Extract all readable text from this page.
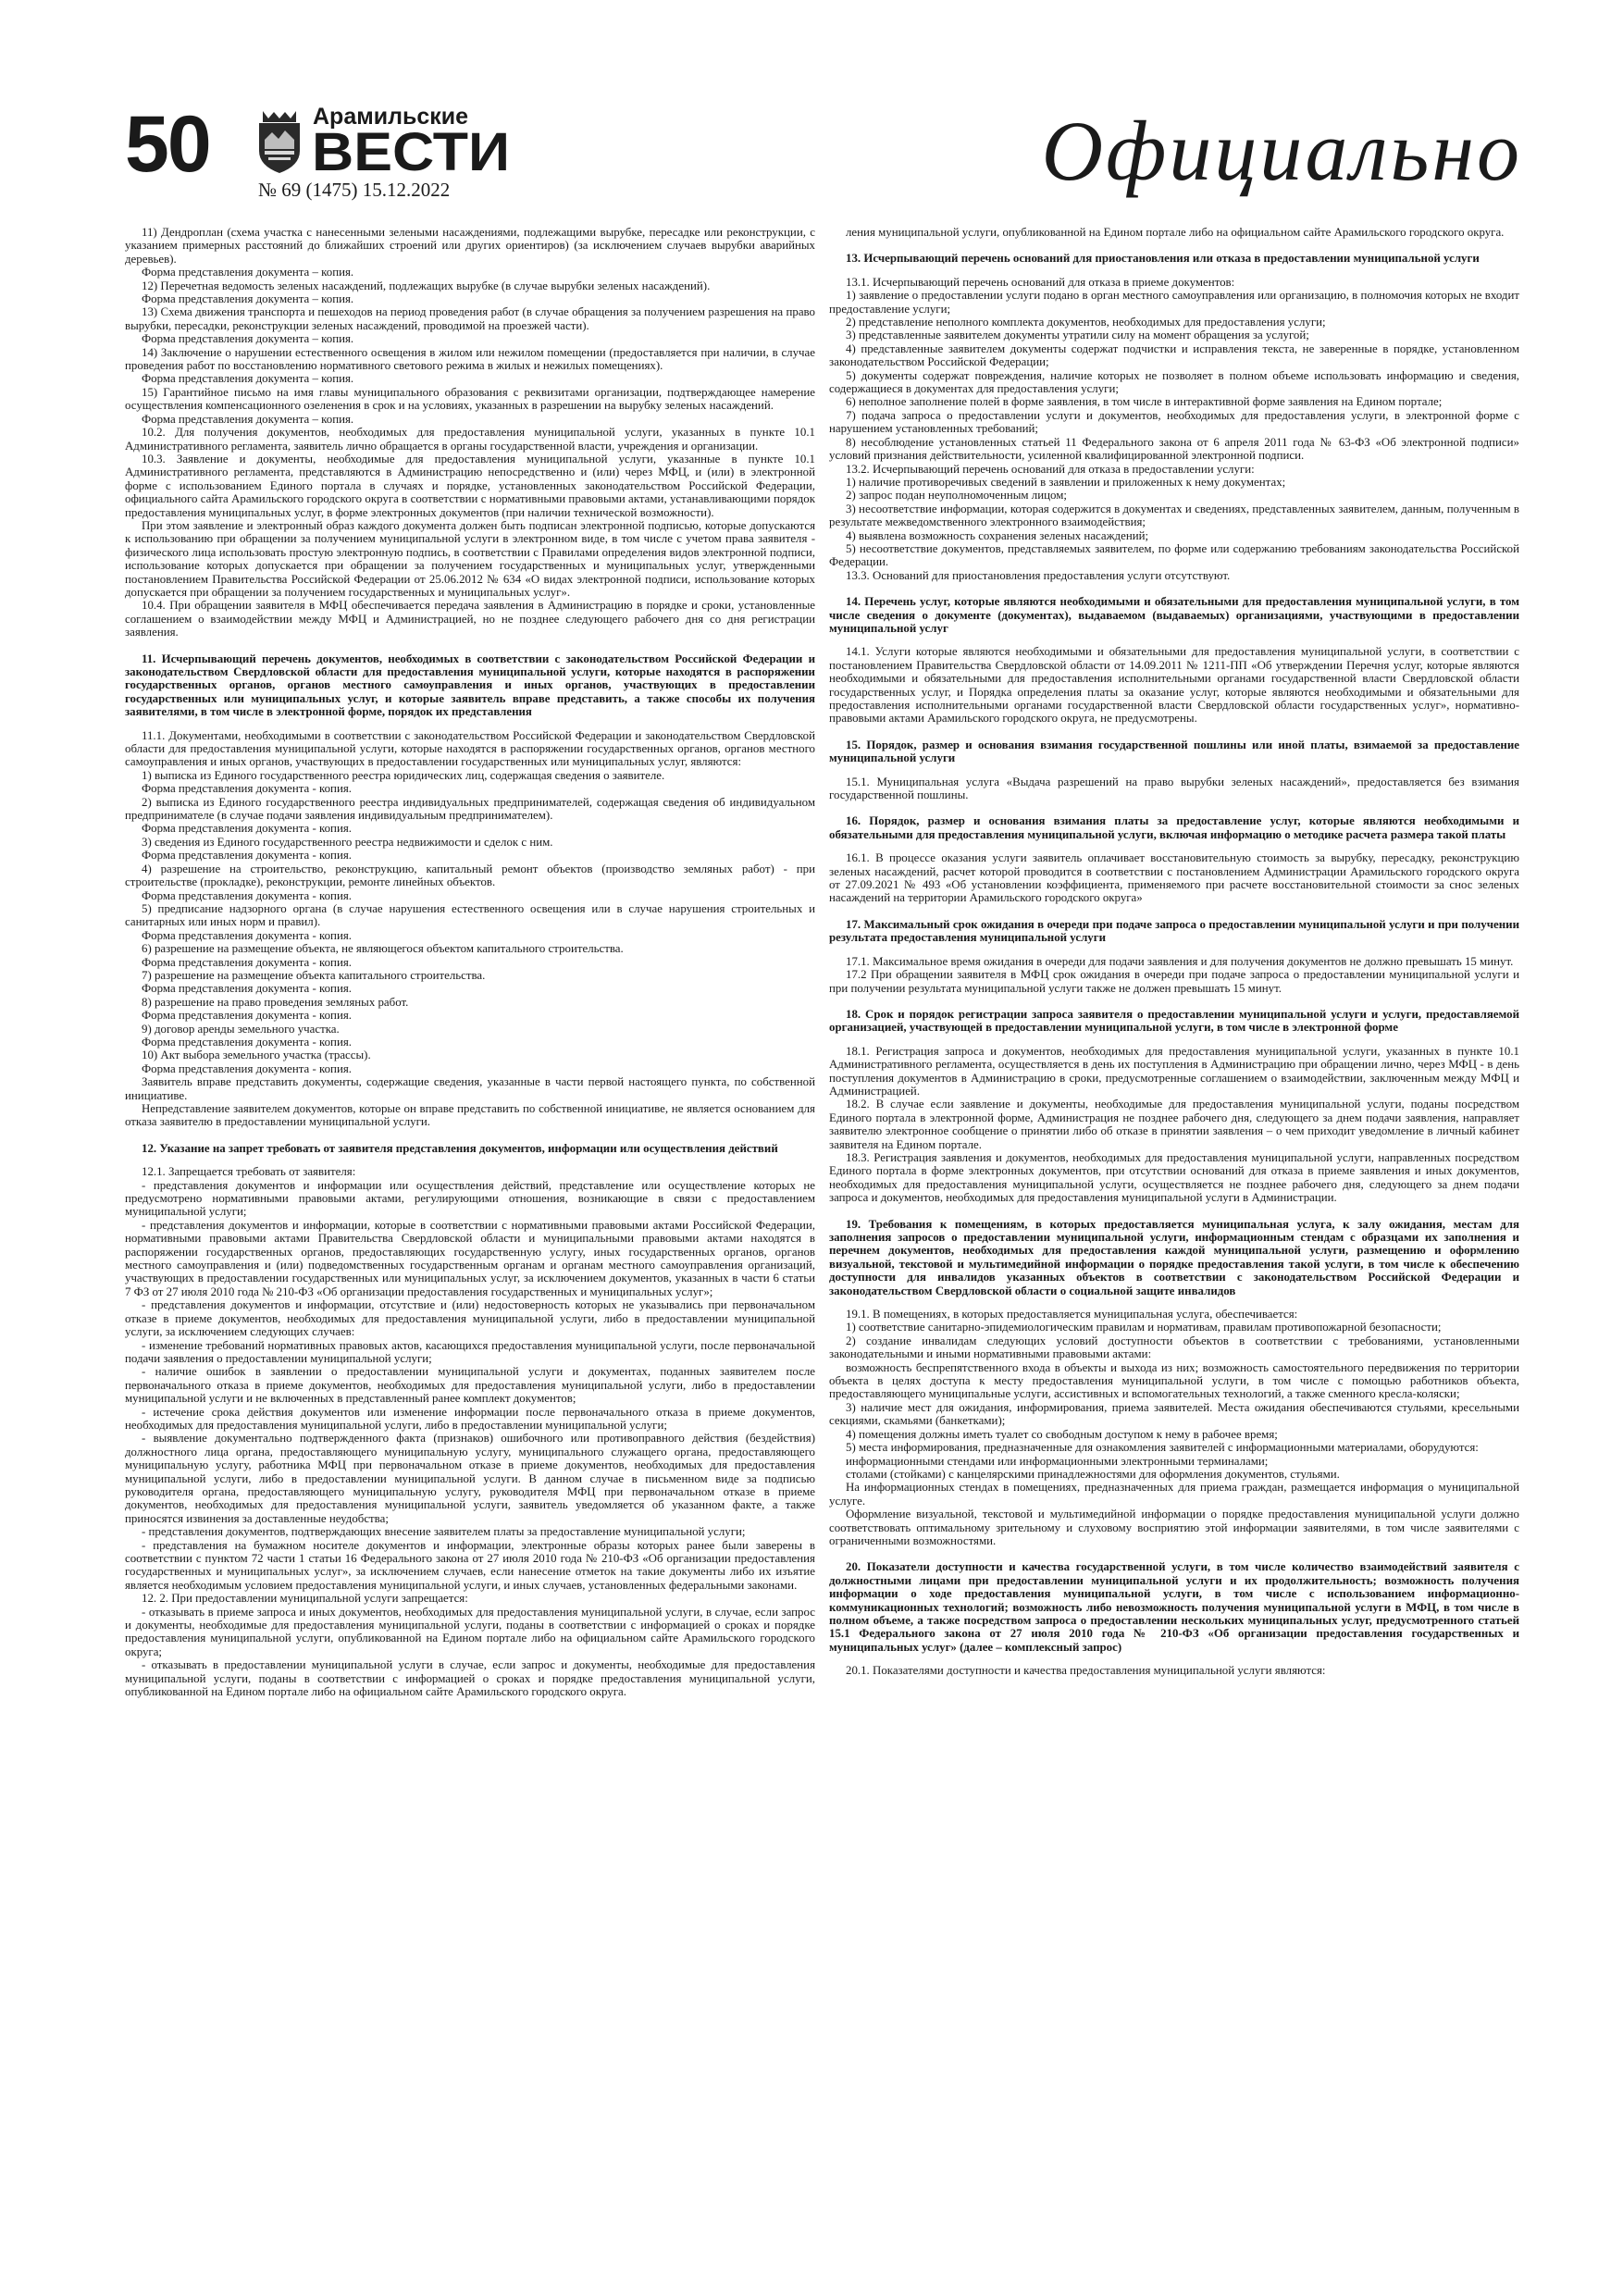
50	Арамильские
ВЕСТИ
№ 69 (1475) 15.12.2022	Официально

11) Дендроплан (схема участка с нанесенными зелеными насаждениями, подлежащими вырубке, пересадке или реконструкции, с указанием примерных расстояний до ближайших строений или других ориентиров) (за исключением случаев вырубки аварийных деревьев).

Форма представления документа – копия.

12) Перечетная ведомость зеленых насаждений, подлежащих вырубке (в случае вырубки зеленых насаждений).

Форма представления документа – копия.

13) Схема движения транспорта и пешеходов на период проведения работ (в случае обращения за получением разрешения на право вырубки, пересадки, реконструкции зеленых насаждений, проводимой на проезжей части).

Форма представления документа – копия.

14) Заключение о нарушении естественного освещения в жилом или нежилом помещении (предоставляется при наличии, в случае проведения работ по восстановлению нормативного светового режима в жилых и нежилых помещениях).

Форма представления документа – копия.

15) Гарантийное письмо на имя главы муниципального образования с реквизитами организации, подтверждающее намерение осуществления компенсационного озеленения в срок и на условиях, указанных в разрешении на вырубку зеленых насаждений.

Форма представления документа – копия.

10.2. Для получения документов, необходимых для предоставления муниципальной услуги, указанных в пункте 10.1 Административного регламента, заявитель лично обращается в органы государственной власти, учреждения и организации.

10.3. Заявление и документы, необходимые для предоставления муниципальной услуги, указанные в пункте 10.1 Административного регламента, представляются в Администрацию непосредственно и (или) через МФЦ, и (или) в электронной форме с использованием Единого портала в случаях и порядке, установленных законодательством Российской Федерации, официального сайта Арамильского городского округа в соответствии с нормативными правовыми актами, устанавливающими порядок предоставления муниципальных услуг, в форме электронных документов (при наличии технической возможности).

При этом заявление и электронный образ каждого документа должен быть подписан электронной подписью, которые допускаются к использованию при обращении за получением муниципальной услуги в электронном виде, в том числе с учетом права заявителя - физического лица использовать простую электронную подпись, в соответствии с Правилами определения видов электронной подписи, использование которых допускается при обращении за получением государственных и муниципальных услуг, утвержденными постановлением Правительства Российской Федерации от 25.06.2012 № 634 «О видах электронной подписи, использование которых допускается при обращении за получением государственных и муниципальных услуг».

10.4. При обращении заявителя в МФЦ обеспечивается передача заявления в Администрацию в порядке и сроки, установленные соглашением о взаимодействии между МФЦ и Администрацией, но не позднее следующего рабочего дня со дня регистрации заявления.

11. Исчерпывающий перечень документов, необходимых в соответствии с законодательством Российской Федерации и законодательством Свердловской области для предоставления муниципальной услуги, которые находятся в распоряжении государственных органов, органов местного самоуправления и иных органов, участвующих в предоставлении государственных или муниципальных услуг, и которые заявитель вправе представить, а также способы их получения заявителями, в том числе в электронной форме, порядок их представления

11.1. Документами, необходимыми в соответствии с законодательством Российской Федерации и законодательством Свердловской области для предоставления муниципальной услуги, которые находятся в распоряжении государственных органов, органов местного самоуправления и иных органов, участвующих в предоставлении государственных или муниципальных услуг, являются:

1) выписка из Единого государственного реестра юридических лиц, содержащая сведения о заявителе.

Форма представления документа - копия.

2) выписка из Единого государственного реестра индивидуальных предпринимателей, содержащая сведения об индивидуальном предпринимателе (в случае подачи заявления индивидуальным предпринимателем).

Форма представления документа - копия.

3) сведения из Единого государственного реестра недвижимости и сделок с ним.

Форма представления документа - копия.

4) разрешение на строительство, реконструкцию, капитальный ремонт объектов (производство земляных работ) - при строительстве (прокладке), реконструкции, ремонте линейных объектов.

Форма представления документа - копия.

5) предписание надзорного органа (в случае нарушения естественного освещения или в случае нарушения строительных и санитарных или иных норм и правил).

Форма представления документа - копия.

6) разрешение на размещение объекта, не являющегося объектом капитального строительства.

Форма представления документа - копия.

7) разрешение на размещение объекта капитального строительства.

Форма представления документа - копия.

8) разрешение на право проведения земляных работ.

Форма представления документа - копия.

9) договор аренды земельного участка.

Форма представления документа - копия.

10) Акт выбора земельного участка (трассы).

Форма представления документа - копия.

Заявитель вправе представить документы, содержащие сведения, указанные в части первой настоящего пункта, по собственной инициативе.

Непредставление заявителем документов, которые он вправе представить по собственной инициативе, не является основанием для отказа заявителю в предоставлении муниципальной услуги.

12. Указание на запрет требовать от заявителя представления документов, информации или осуществления действий

12.1. Запрещается требовать от заявителя:

- представления документов и информации или осуществления действий, представление или осуществление которых не предусмотрено нормативными правовыми актами, регулирующими отношения, возникающие в связи с предоставлением муниципальной услуги;

- представления документов и информации, которые в соответствии с нормативными правовыми актами Российской Федерации, нормативными правовыми актами Правительства Свердловской области и муниципальными правовыми актами находятся в распоряжении государственных органов, предоставляющих государственную услугу, иных государственных органов, органов местного самоуправления и (или) подведомственных государственным органам и органам местного самоуправления организаций, участвующих в предоставлении государственных или муниципальных услуг, за исключением документов, указанных в части 6 статьи 7 ФЗ от 27 июля 2010 года № 210-ФЗ «Об организации предоставления государственных и муниципальных услуг»;

- представления документов и информации, отсутствие и (или) недостоверность которых не указывались при первоначальном отказе в приеме документов, необходимых для предоставления муниципальной услуги, либо в предоставлении муниципальной услуги, за исключением следующих случаев:

- изменение требований нормативных правовых актов, касающихся предоставления муниципальной услуги, после первоначальной подачи заявления о предоставлении муниципальной услуги;

- наличие ошибок в заявлении о предоставлении муниципальной услуги и документах, поданных заявителем после первоначального отказа в приеме документов, необходимых для предоставления муниципальной услуги, либо в предоставлении муниципальной услуги и не включенных в представленный ранее комплект документов;

- истечение срока действия документов или изменение информации после первоначального отказа в приеме документов, необходимых для предоставления муниципальной услуги, либо в предоставлении муниципальной услуги;

- выявление документально подтвержденного факта (признаков) ошибочного или противоправного действия (бездействия) должностного лица органа, предоставляющего муниципальную услугу, муниципального служащего органа, предоставляющего муниципальную услугу, работника МФЦ при первоначальном отказе в приеме документов, необходимых для предоставления муниципальной услуги, либо в предоставлении муниципальной услуги. В данном случае в письменном виде за подписью руководителя органа, предоставляющего муниципальную услугу, руководителя МФЦ при первоначальном отказе в приеме документов, необходимых для предоставления муниципальной услуги, заявитель уведомляется об указанном факте, а также приносятся извинения за доставленные неудобства;

- представления документов, подтверждающих внесение заявителем платы за предоставление муниципальной услуги;

- представления на бумажном носителе документов и информации, электронные образы которых ранее были заверены в соответствии с пунктом 72 части 1 статьи 16 Федерального закона от 27 июля 2010 года № 210-ФЗ «Об организации предоставления государственных и муниципальных услуг», за исключением случаев, если нанесение отметок на такие документы либо их изъятие является необходимым условием предоставления муниципальной услуги, и иных случаев, установленных федеральными законами.

12. 2. При предоставлении муниципальной услуги запрещается:

- отказывать в приеме запроса и иных документов, необходимых для предоставления муниципальной услуги, в случае, если запрос и документы, необходимые для предоставления муниципальной услуги, поданы в соответствии с информацией о сроках и порядке предоставления муниципальной услуги, опубликованной на Едином портале либо на официальном сайте Арамильского городского округа;

- отказывать в предоставлении муниципальной услуги в случае, если запрос и документы, необходимые для предоставления муниципальной услуги, поданы в соответствии с информацией о сроках и порядке предоставления муниципальной услуги, опубликованной на Едином портале либо на официальном сайте Арамильского городского округа.

ления муниципальной услуги, опубликованной на Едином портале либо на официальном сайте Арамильского городского округа.

13. Исчерпывающий перечень оснований для приостановления или отказа в предоставлении муниципальной услуги

13.1. Исчерпывающий перечень оснований для отказа в приеме документов:

1) заявление о предоставлении услуги подано в орган местного самоуправления или организацию, в полномочия которых не входит предоставление услуги;

2) представление неполного комплекта документов, необходимых для предоставления услуги;

3) представленные заявителем документы утратили силу на момент обращения за услугой;

4) представленные заявителем документы содержат подчистки и исправления текста, не заверенные в порядке, установленном законодательством Российской Федерации;

5) документы содержат повреждения, наличие которых не позволяет в полном объеме использовать информацию и сведения, содержащиеся в документах для предоставления услуги;

6) неполное заполнение полей в форме заявления, в том числе в интерактивной форме заявления на Едином портале;

7) подача запроса о предоставлении услуги и документов, необходимых для предоставления услуги, в электронной форме с нарушением установленных требований;

8) несоблюдение установленных статьей 11 Федерального закона от 6 апреля 2011 года № 63-ФЗ «Об электронной подписи» условий признания действительности, усиленной квалифицированной электронной подписи.

13.2. Исчерпывающий перечень оснований для отказа в предоставлении услуги:

1) наличие противоречивых сведений в заявлении и приложенных к нему документах;

2) запрос подан неуполномоченным лицом;

3) несоответствие информации, которая содержится в документах и сведениях, представленных заявителем, данным, полученным в результате межведомственного электронного взаимодействия;

4) выявлена возможность сохранения зеленых насаждений;

5) несоответствие документов, представляемых заявителем, по форме или содержанию требованиям законодательства Российской Федерации.

13.3. Оснований для приостановления предоставления услуги отсутствуют.

14. Перечень услуг, которые являются необходимыми и обязательными для предоставления муниципальной услуги, в том числе сведения о документе (документах), выдаваемом (выдаваемых) организациями, участвующими в предоставлении муниципальной услуг

14.1. Услуги которые являются необходимыми и обязательными для предоставления муниципальной услуги, в соответствии с постановлением Правительства Свердловской области от 14.09.2011 № 1211-ПП «Об утверждении Перечня услуг, которые являются необходимыми и обязательными для предоставления исполнительными органами государственной власти Свердловской области государственных услуг, и Порядка определения платы за оказание услуг, которые являются необходимыми и обязательными для предоставления исполнительными органами государственной власти Свердловской области государственных услуг», нормативно-правовыми актами Арамильского городского округа, не предусмотрены.

15. Порядок, размер и основания взимания государственной пошлины или иной платы, взимаемой за предоставление муниципальной услуги

15.1. Муниципальная услуга «Выдача разрешений на право вырубки зеленых насаждений», предоставляется без взимания государственной пошлины.

16. Порядок, размер и основания взимания платы за предоставление услуг, которые являются необходимыми и обязательными для предоставления муниципальной услуги, включая информацию о методике расчета размера такой платы

16.1. В процессе оказания услуги заявитель оплачивает восстановительную стоимость за вырубку, пересадку, реконструкцию зеленых насаждений, расчет которой проводится в соответствии с постановлением Администрации Арамильского городского округа от 27.09.2021 № 493 «Об установлении коэффициента, применяемого при расчете восстановительной стоимости за снос зеленых насаждений на территории Арамильского городского округа»

17. Максимальный срок ожидания в очереди при подаче запроса о предоставлении муниципальной услуги и при получении результата предоставления муниципальной услуги

17.1. Максимальное время ожидания в очереди для подачи заявления и для получения документов не должно превышать 15 минут.

17.2 При обращении заявителя в МФЦ срок ожидания в очереди при подаче запроса о предоставлении муниципальной услуги и при получении результата муниципальной услуги также не должен превышать 15 минут.

18. Срок и порядок регистрации запроса заявителя о предоставлении муниципальной услуги и услуги, предоставляемой организацией, участвующей в предоставлении муниципальной услуги, в том числе в электронной форме

18.1. Регистрация запроса и документов, необходимых для предоставления муниципальной услуги, указанных в пункте 10.1 Административного регламента, осуществляется в день их поступления в Администрацию при обращении лично, через МФЦ - в день поступления документов в Администрацию в сроки, предусмотренные соглашением о взаимодействии, заключенным между МФЦ и Администрацией.

18.2. В случае если заявление и документы, необходимые для предоставления муниципальной услуги, поданы посредством Единого портала в электронной форме, Администрация не позднее рабочего дня, следующего за днем подачи заявления, направляет заявителю электронное сообщение о принятии либо об отказе в принятии заявления – о чем приходит уведомление в личный кабинет заявителя на Едином портале.

18.3. Регистрация заявления и документов, необходимых для предоставления муниципальной услуги, направленных посредством Единого портала в форме электронных документов, при отсутствии оснований для отказа в приеме заявления и иных документов, необходимых для предоставления муниципальной услуги, осуществляется не позднее рабочего дня, следующего за днем подачи запроса и документов, необходимых для предоставления муниципальной услуги в Администрации.

19. Требования к помещениям, в которых предоставляется муниципальная услуга, к залу ожидания, местам для заполнения запросов о предоставлении муниципальной услуги, информационным стендам с образцами их заполнения и перечнем документов, необходимых для предоставления каждой муниципальной услуги, размещению и оформлению визуальной, текстовой и мультимедийной информации о порядке предоставления такой услуги, в том числе к обеспечению доступности для инвалидов указанных объектов в соответствии с законодательством Российской Федерации и законодательством Свердловской области о социальной защите инвалидов

19.1. В помещениях, в которых предоставляется муниципальная услуга, обеспечивается:

1) соответствие санитарно-эпидемиологическим правилам и нормативам, правилам противопожарной безопасности;

2) создание инвалидам следующих условий доступности объектов в соответствии с требованиями, установленными законодательными и иными нормативными правовыми актами:

возможность беспрепятственного входа в объекты и выхода из них; возможность самостоятельного передвижения по территории объекта в целях доступа к месту предоставления муниципальной услуги, в том числе с помощью работников объекта, предоставляющего муниципальные услуги, ассистивных и вспомогательных технологий, а также сменного кресла-коляски;

3) наличие мест для ожидания, информирования, приема заявителей. Места ожидания обеспечиваются стульями, кресельными секциями, скамьями (банкетками);

4) помещения должны иметь туалет со свободным доступом к нему в рабочее время;

5) места информирования, предназначенные для ознакомления заявителей с информационными материалами, оборудуются:

информационными стендами или информационными электронными терминалами;

столами (стойками) с канцелярскими принадлежностями для оформления документов, стульями.

На информационных стендах в помещениях, предназначенных для приема граждан, размещается информация о муниципальной услуге.

Оформление визуальной, текстовой и мультимедийной информации о порядке предоставления муниципальной услуги должно соответствовать оптимальному зрительному и слуховому восприятию этой информации заявителями, в том числе заявителями с ограниченными возможностями.

20. Показатели доступности и качества государственной услуги, в том числе количество взаимодействий заявителя с должностными лицами при предоставлении муниципальной услуги и их продолжительность; возможность получения информации о ходе предоставления муниципальной услуги, в том числе с использованием информационно-коммуникационных технологий; возможность либо невозможность получения муниципальной услуги в МФЦ, в том числе в полном объеме, а также посредством запроса о предоставлении нескольких муниципальных услуг, предусмотренного статьей 15.1 Федерального закона от 27 июля 2010 года № 210-ФЗ «Об организации предоставления государственных и муниципальных услуг» (далее – комплексный запрос)

20.1. Показателями доступности и качества предоставления муниципальной услуги являются:
